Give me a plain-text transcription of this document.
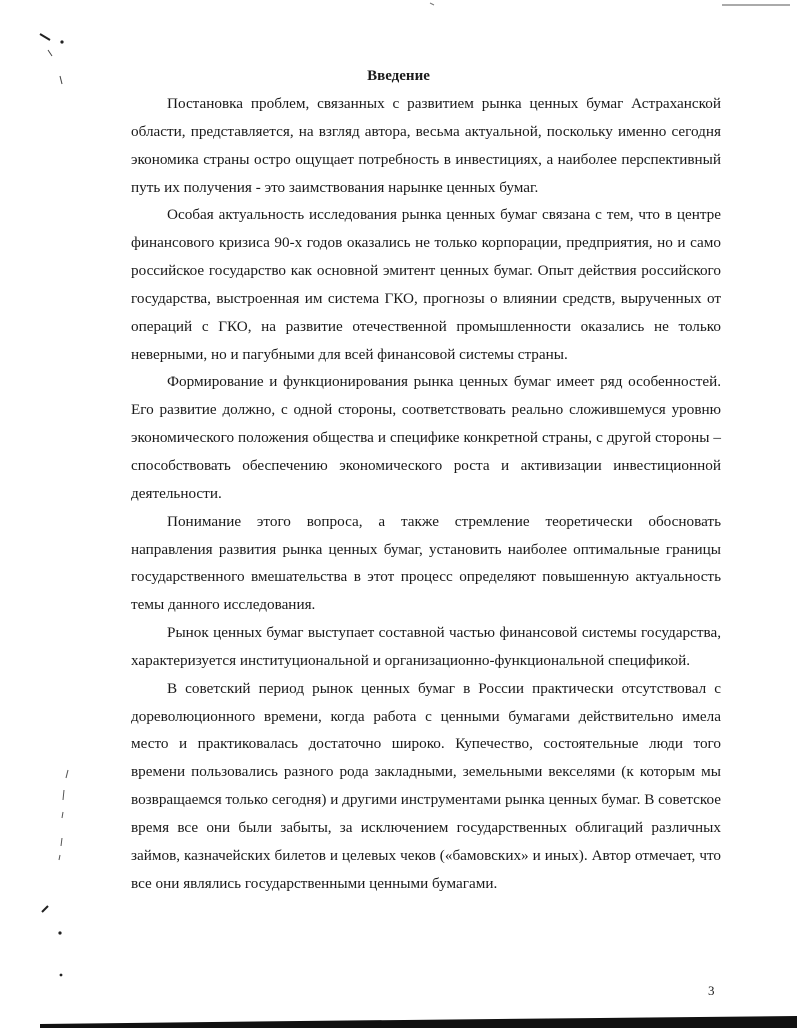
Введение

Постановка проблем, связанных с развитием рынка ценных бумаг Астраханской области, представляется, на взгляд автора, весьма актуальной, поскольку именно сегодня экономика страны остро ощущает потребность в инвестициях, а наиболее перспективный путь их получения - это заимствования нарынке ценных бумаг.

Особая актуальность исследования рынка ценных бумаг связана с тем, что в центре финансового кризиса 90-х годов оказались не только корпорации, предприятия, но и само российское государство как основной эмитент ценных бумаг. Опыт действия российского государства, выстроенная им система ГКО, прогнозы о влиянии средств, вырученных от операций с ГКО, на развитие отечественной промышленности оказались не только неверными, но и пагубными для всей финансовой системы страны.

Формирование и функционирования рынка ценных бумаг имеет ряд особенностей. Его развитие должно, с одной стороны, соответствовать реально сложившемуся уровню экономического положения общества и специфике конкретной страны, с другой стороны – способствовать обеспечению экономического роста и активизации инвестиционной деятельности.

Понимание этого вопроса, а также стремление теоретически обосновать направления развития рынка ценных бумаг, установить наиболее оптимальные границы государственного вмешательства в этот процесс определяют повышенную актуальность темы данного исследования.

Рынок ценных бумаг выступает составной частью финансовой системы государства, характеризуется институциональной и организационно-функциональной спецификой.

В советский период рынок ценных бумаг в России практически отсутствовал с дореволюционного времени, когда работа с ценными бумагами действительно имела место и практиковалась достаточно широко. Купечество, состоятельные люди того времени пользовались разного рода закладными, земельными векселями (к которым мы возвращаемся только сегодня) и другими инструментами рынка ценных бумаг. В советское время все они были забыты, за исключением государственных облигаций различных займов, казначейских билетов и целевых чеков («бамовских» и иных). Автор отмечает, что все они являлись государственными ценными бумагами.

3
